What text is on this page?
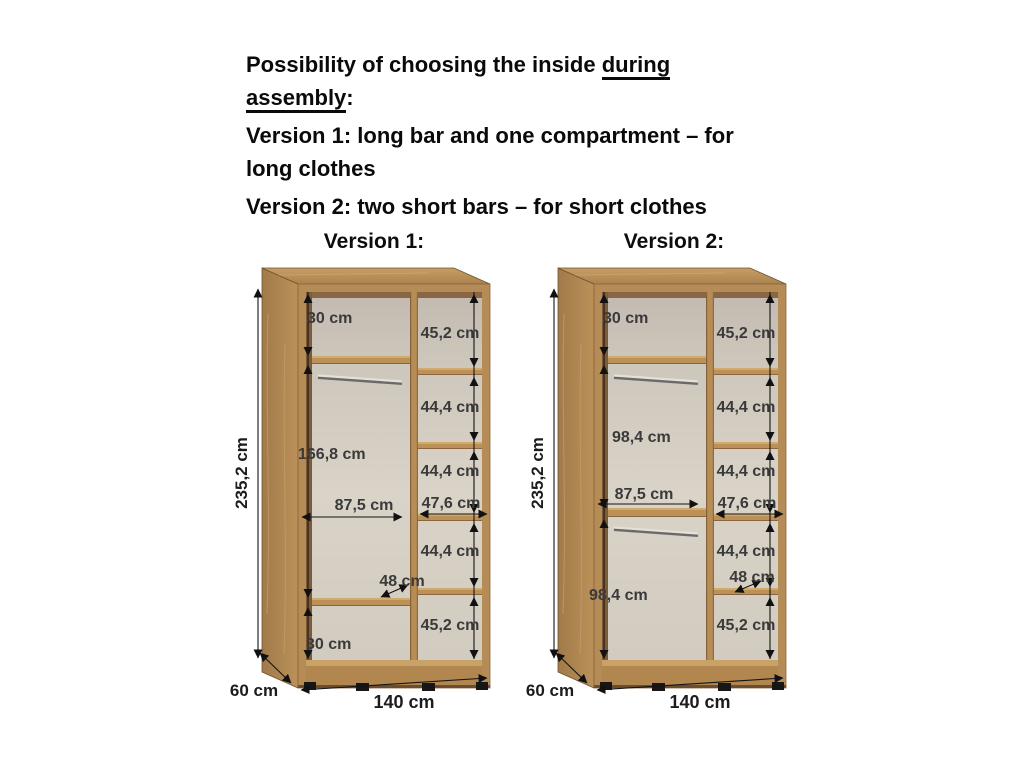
Possibility of choosing the inside during
assembly:
Version 1: long bar and one compartment – for
long clothes
Version 2: two short bars – for short clothes
Version 1:	Version 2:
30 cm
45,2 cm
44,4 cm
166,8 cm
44,4 cm
87,5 cm 47,6 cm
44,4 cm
48 cm
30 cm
45,2 cm
235,2 cm
60 cm
140 cm
30 cm
45,2 cm
44,4 cm
98,4 cm
44,4 cm
87,5 cm
47,6 cm
44,4 cm
48 cm
98,4 cm
45,2 cm
235,2 cm
60 cm
140 cm
